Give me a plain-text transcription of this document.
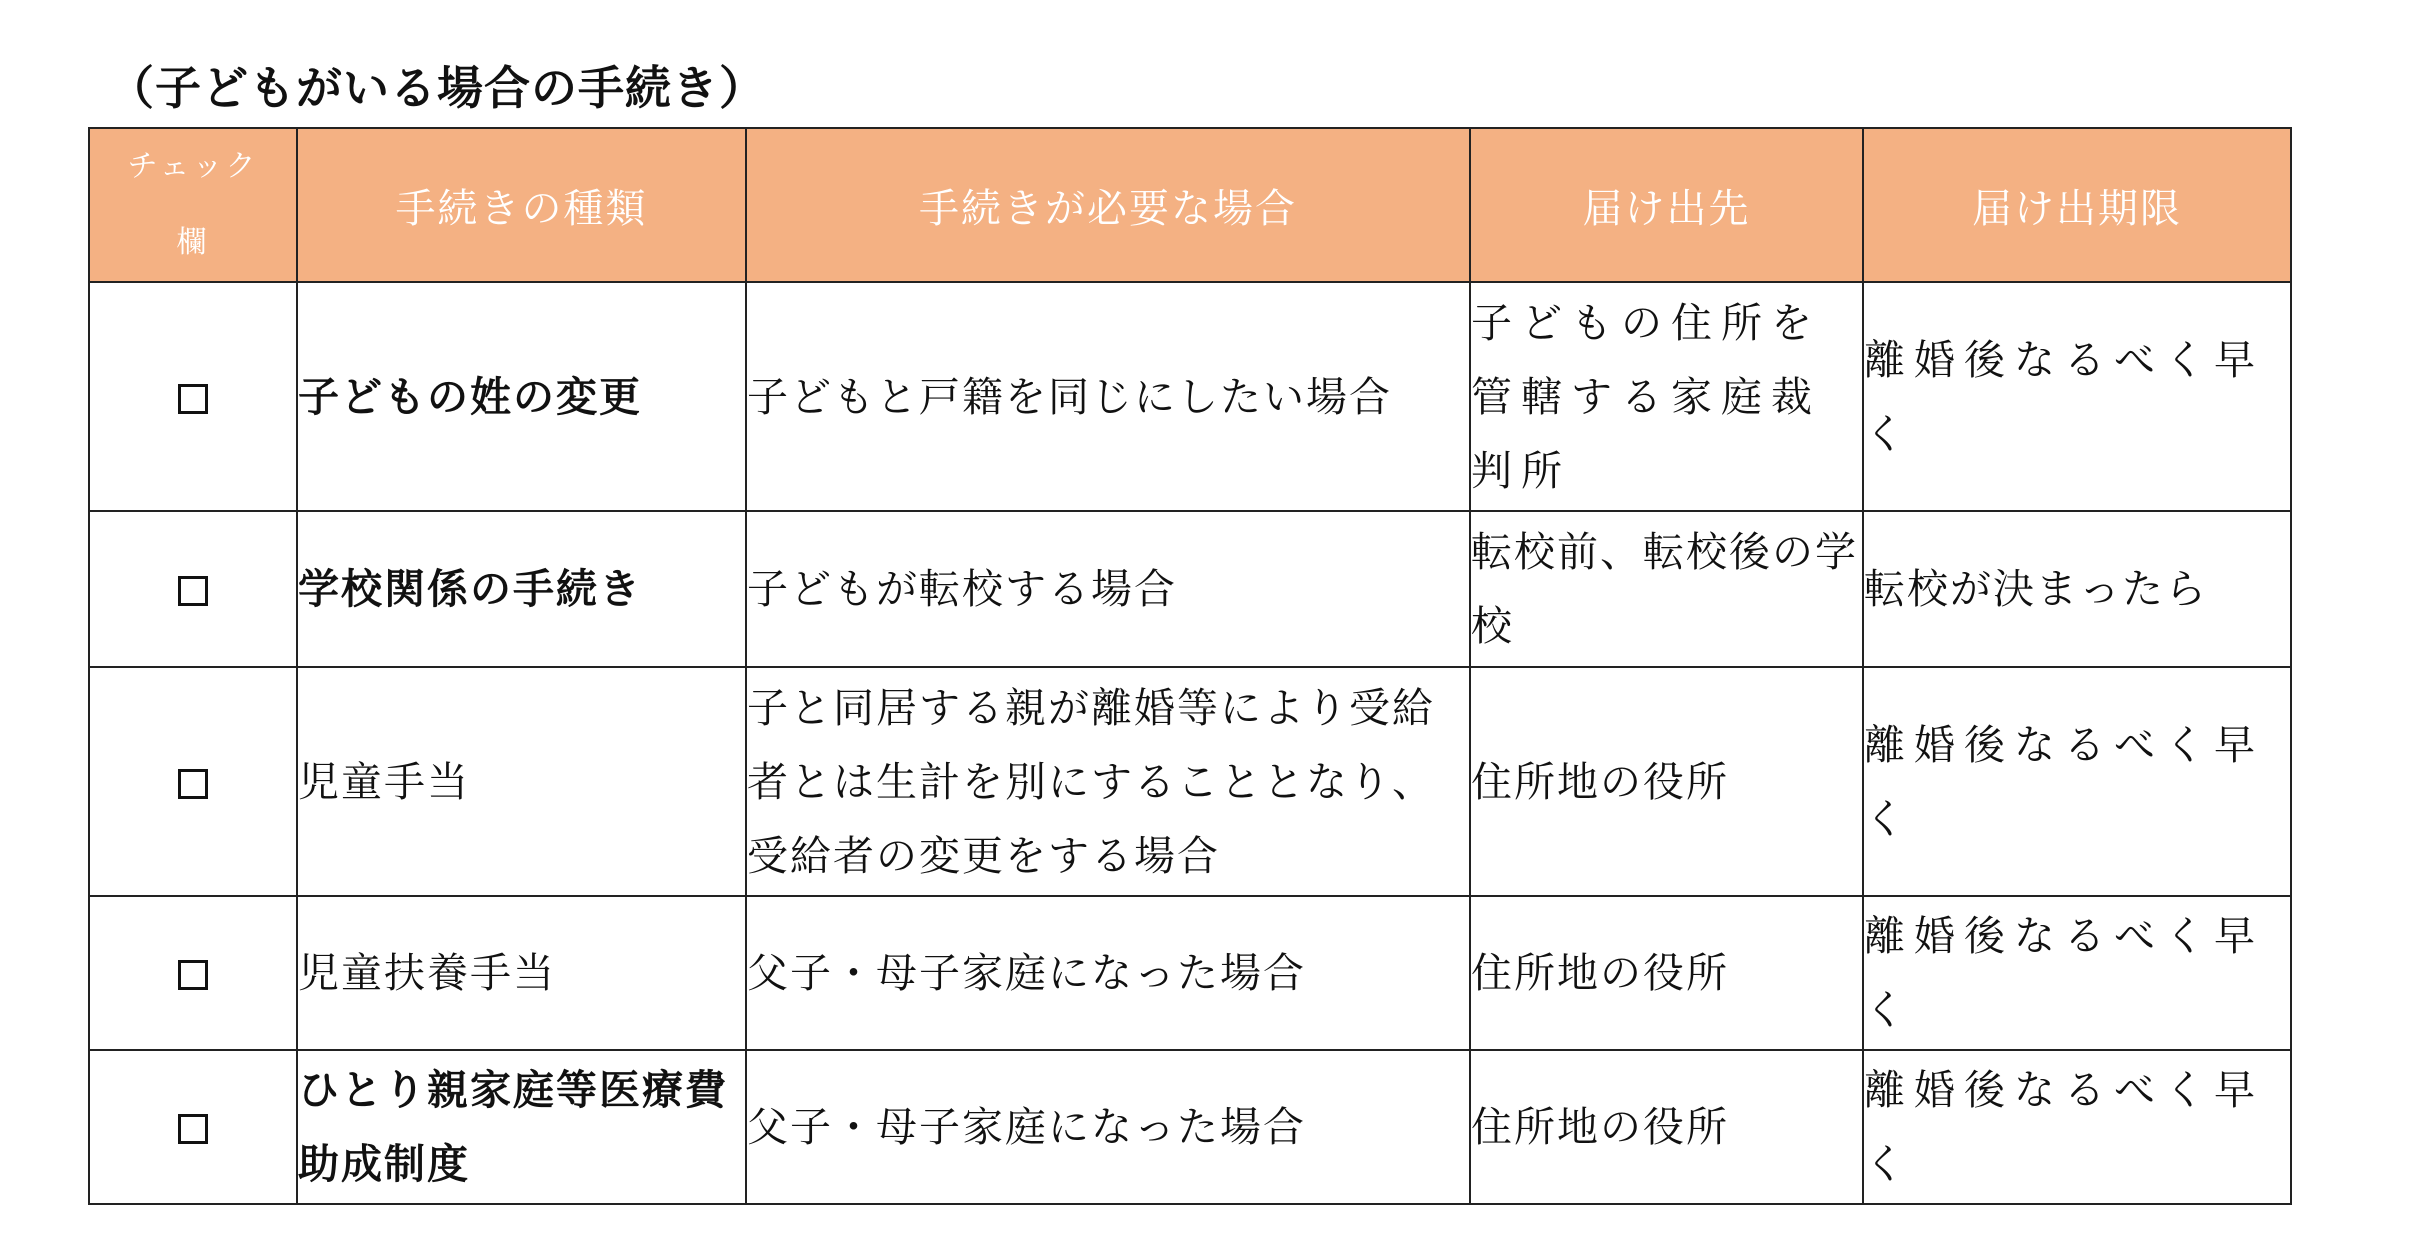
（子どもがいる場合の手続き）
チェック
欄	手続きの種類	手続きが必要な場合	届け出先	届け出期限
	子どもの姓の変更	子どもと戸籍を同じにしたい場合	子どもの住所を管轄する家庭裁判所	離婚後なるべく早く
	学校関係の手続き	子どもが転校する場合	転校前、転校後の学校	転校が決まったら
	児童手当	子と同居する親が離婚等により受給者とは生計を別にすることとなり、受給者の変更をする場合	住所地の役所	離婚後なるべく早く
	児童扶養手当	父子・母子家庭になった場合	住所地の役所	離婚後なるべく早く
	ひとり親家庭等医療費助成制度	父子・母子家庭になった場合	住所地の役所	離婚後なるべく早く
